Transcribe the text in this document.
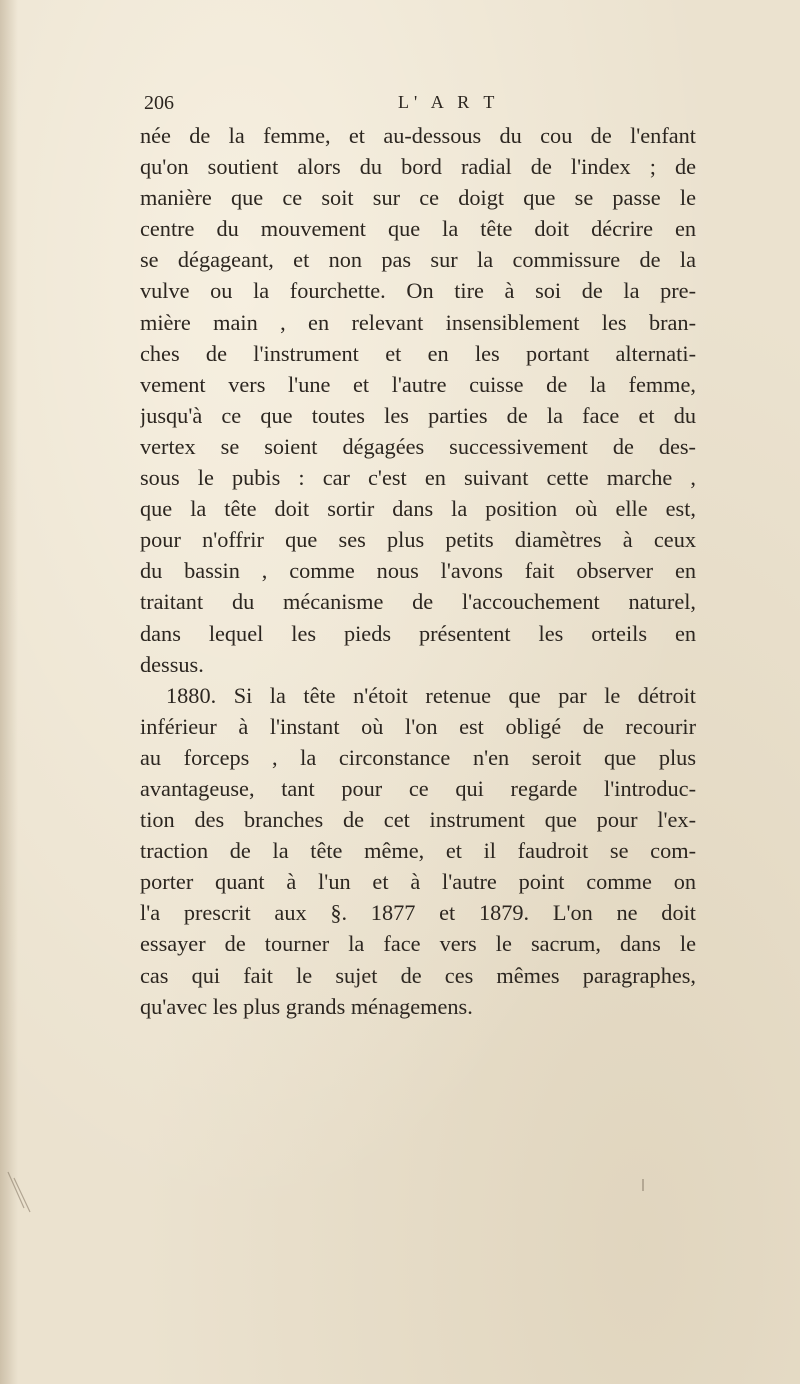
206	L' A R T
née de la femme, et au-dessous du cou de l'enfant
qu'on soutient alors du bord radial de l'index ; de
manière que ce soit sur ce doigt que se passe le
centre du mouvement que la tête doit décrire en
se dégageant, et non pas sur la commissure de la
vulve ou la fourchette. On tire à soi de la pre-
mière main , en relevant insensiblement les bran-
ches de l'instrument et en les portant alternati-
vement vers l'une et l'autre cuisse de la femme,
jusqu'à ce que toutes les parties de la face et du
vertex se soient dégagées successivement de des-
sous le pubis : car c'est en suivant cette marche ,
que la tête doit sortir dans la position où elle est,
pour n'offrir que ses plus petits diamètres à ceux
du bassin , comme nous l'avons fait observer en
traitant du mécanisme de l'accouchement naturel,
dans lequel les pieds présentent les orteils en
dessus.
1880. Si la tête n'étoit retenue que par le détroit
inférieur à l'instant où l'on est obligé de recourir
au forceps , la circonstance n'en seroit que plus
avantageuse, tant pour ce qui regarde l'introduc-
tion des branches de cet instrument que pour l'ex-
traction de la tête même, et il faudroit se com-
porter quant à l'un et à l'autre point comme on
l'a prescrit aux §. 1877 et 1879. L'on ne doit
essayer de tourner la face vers le sacrum, dans le
cas qui fait le sujet de ces mêmes paragraphes,
qu'avec les plus grands ménagemens.
